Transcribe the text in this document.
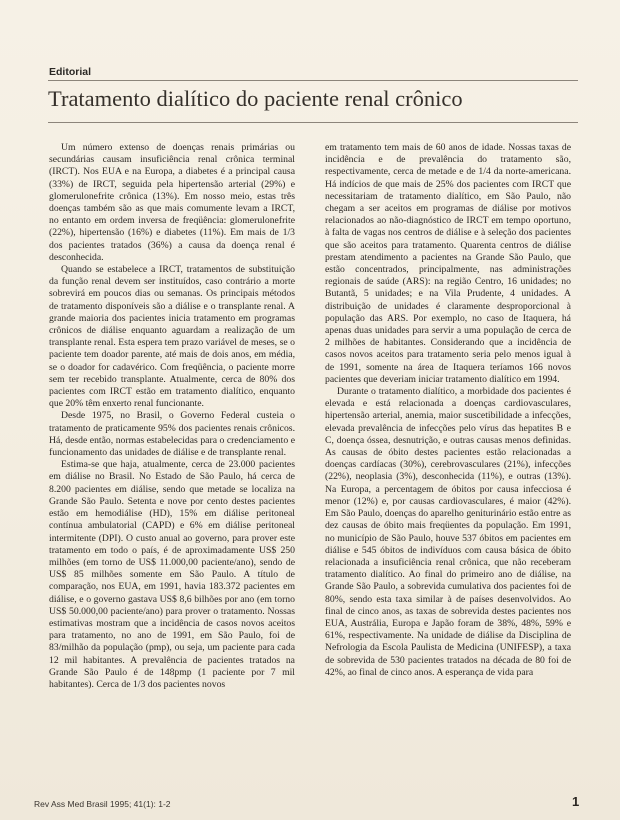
Editorial
Tratamento dialítico do paciente renal crônico

Um número extenso de doenças renais primárias ou secundárias causam insuficiência renal crônica terminal (IRCT). Nos EUA e na Europa, a diabetes é a principal causa (33%) de IRCT, seguida pela hipertensão arterial (29%) e glomerulonefrite crônica (13%). Em nosso meio, estas três doenças também são as que mais comumente levam a IRCT, no entanto em ordem inversa de freqüência: glomerulonefrite (22%), hipertensão (16%) e diabetes (11%). Em mais de 1/3 dos pacientes tratados (36%) a causa da doença renal é desconhecida.

Quando se estabelece a IRCT, tratamentos de substituição da função renal devem ser instituídos, caso contrário a morte sobrevirá em poucos dias ou semanas. Os principais métodos de tratamento disponíveis são a diálise e o transplante renal. A grande maioria dos pacientes inicia tratamento em programas crônicos de diálise enquanto aguardam a realização de um transplante renal. Esta espera tem prazo variável de meses, se o paciente tem doador parente, até mais de dois anos, em média, se o doador for cadavérico. Com freqüência, o paciente morre sem ter recebido transplante. Atualmente, cerca de 80% dos pacientes com IRCT estão em tratamento dialítico, enquanto que 20% têm enxerto renal funcionante.

Desde 1975, no Brasil, o Governo Federal custeia o tratamento de praticamente 95% dos pacientes renais crônicos. Há, desde então, normas estabelecidas para o credenciamento e funcionamento das unidades de diálise e de transplante renal.

Estima-se que haja, atualmente, cerca de 23.000 pacientes em diálise no Brasil. No Estado de São Paulo, há cerca de 8.200 pacientes em diálise, sendo que metade se localiza na Grande São Paulo. Setenta e nove por cento destes pacientes estão em hemodiálise (HD), 15% em diálise peritoneal contínua ambulatorial (CAPD) e 6% em diálise peritoneal intermitente (DPI). O custo anual ao governo, para prover este tratamento em todo o país, é de aproximadamente US$ 250 milhões (em torno de US$ 11.000,00 paciente/ano), sendo de US$ 85 milhões somente em São Paulo. A título de comparação, nos EUA, em 1991, havia 183.372 pacientes em diálise, e o governo gastava US$ 8,6 bilhões por ano (em torno US$ 50.000,00 paciente/ano) para prover o tratamento. Nossas estimativas mostram que a incidência de casos novos aceitos para tratamento, no ano de 1991, em São Paulo, foi de 83/milhão da população (pmp), ou seja, um paciente para cada 12 mil habitantes. A prevalência de pacientes tratados na Grande São Paulo é de 148pmp (1 paciente por 7 mil habitantes). Cerca de 1/3 dos pacientes novos

em tratamento tem mais de 60 anos de idade. Nossas taxas de incidência e de prevalência do tratamento são, respectivamente, cerca de metade e de 1/4 da norte-americana. Há indícios de que mais de 25% dos pacientes com IRCT que necessitariam de tratamento dialítico, em São Paulo, não chegam a ser aceitos em programas de diálise por motivos relacionados ao não-diagnóstico de IRCT em tempo oportuno, à falta de vagas nos centros de diálise e à seleção dos pacientes que são aceitos para tratamento. Quarenta centros de diálise prestam atendimento a pacientes na Grande São Paulo, que estão concentrados, principalmente, nas administrações regionais de saúde (ARS): na região Centro, 16 unidades; no Butantã, 5 unidades; e na Vila Prudente, 4 unidades. A distribuição de unidades é claramente desproporcional à população das ARS. Por exemplo, no caso de Itaquera, há apenas duas unidades para servir a uma população de cerca de 2 milhões de habitantes. Considerando que a incidência de casos novos aceitos para tratamento seria pelo menos igual à de 1991, somente na área de Itaquera teríamos 166 novos pacientes que deveriam iniciar tratamento dialítico em 1994.

Durante o tratamento dialítico, a morbidade dos pacientes é elevada e está relacionada a doenças cardiovasculares, hipertensão arterial, anemia, maior suscetibilidade a infecções, elevada prevalência de infecções pelo vírus das hepatites B e C, doença óssea, desnutrição, e outras causas menos definidas. As causas de óbito destes pacientes estão relacionadas a doenças cardíacas (30%), cerebrovasculares (21%), infecções (22%), neoplasia (3%), desconhecida (11%), e outras (13%). Na Europa, a percentagem de óbitos por causa infecciosa é menor (12%) e, por causas cardiovasculares, é maior (42%). Em São Paulo, doenças do aparelho geniturinário estão entre as dez causas de óbito mais freqüentes da população. Em 1991, no município de São Paulo, houve 537 óbitos em pacientes em diálise e 545 óbitos de indivíduos com causa básica de óbito relacionada a insuficiência renal crônica, que não receberam tratamento dialítico. Ao final do primeiro ano de diálise, na Grande São Paulo, a sobrevida cumulativa dos pacientes foi de 80%, sendo esta taxa similar à de países desenvolvidos. Ao final de cinco anos, as taxas de sobrevida destes pacientes nos EUA, Austrália, Europa e Japão foram de 38%, 48%, 59% e 61%, respectivamente. Na unidade de diálise da Disciplina de Nefrologia da Escola Paulista de Medicina (UNIFESP), a taxa de sobrevida de 530 pacientes tratados na década de 80 foi de 42%, ao final de cinco anos. A esperança de vida para

Rev Ass Med Brasil 1995; 41(1): 1-2	1
